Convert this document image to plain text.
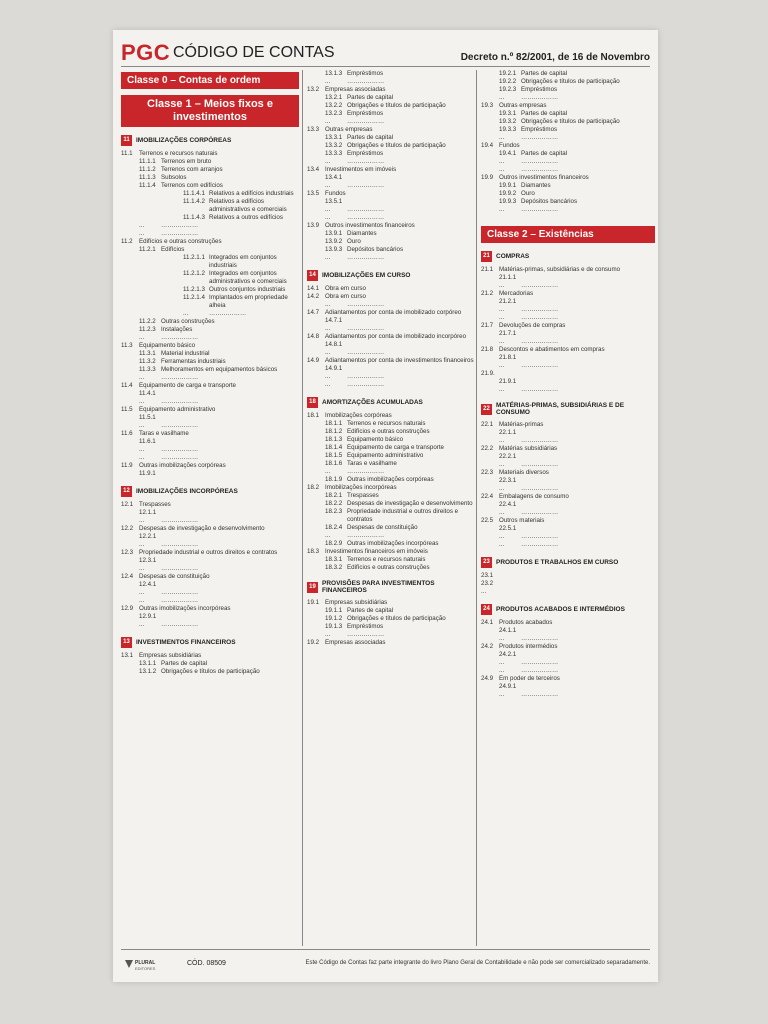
PGC CÓDIGO DE CONTAS	Decreto n.º 82/2001, de 16 de Novembro
Classe 0 – Contas de ordem
Classe 1 – Meios fixos e investimentos
11 IMOBILIZAÇÕES CORPÓREAS
11.1	Terrenos e recursos naturais
11.1.1 Terrenos em bruto
11.1.2 Terrenos com arranjos
11.1.3 Subsolos
11.1.4 Terrenos com edifícios
11.1.4.1 Relativos a edifícios industriais
11.1.4.2 Relativos a edifícios administrativos e comerciais
11.1.4.3 Relativos a outros edifícios
...	………………
...	………………
11.2	Edifícios e outras construções
11.2.1 Edifícios
11.2.1.1 Integrados em conjuntos industriais
11.2.1.2 Integrados em conjuntos administrativos e comerciais
11.2.1.3 Outros conjuntos industriais
11.2.1.4 Implantados em propriedade alheia
...	………………
11.2.2 Outras construções
11.2.3 Instalações
...	………………
11.3	Equipamento básico
11.3.1 Material industrial
11.3.2 Ferramentas industriais
11.3.3 Melhoramentos em equipamentos básicos
...	………………
11.4	Equipamento de carga e transporte
11.4.1
...	………………
11.5	Equipamento administrativo
11.5.1
...	………………
11.6	Taras e vasilhame
11.6.1
...	………………
...	………………
11.9	Outras imobilizações corpóreas
11.9.1
12 IMOBILIZAÇÕES INCORPÓREAS
12.1 Trespasses
12.1.1
...	………………
12.2 Despesas de investigação e desenvolvimento
12.2.1
...	………………
12.3 Propriedade industrial e outros direitos e contratos
12.3.1
...	………………
12.4 Despesas de constituição
12.4.1
...	………………
...	………………
12.9 Outras imobilizações incorpóreas
12.9.1
...	………………
13 INVESTIMENTOS FINANCEIROS
13.1 Empresas subsidiárias
13.1.1 Partes de capital
13.1.2 Obrigações e títulos de participação
13.1.3 Empréstimos
...	………………
13.2 Empresas associadas
13.2.1 Partes de capital
13.2.2 Obrigações e títulos de participação
13.2.3 Empréstimos
...	………………
13.3 Outras empresas
13.3.1 Partes de capital
13.3.2 Obrigações e títulos de participação
13.3.3 Empréstimos
...	………………
13.4 Investimentos em imóveis
13.4.1
...	………………
13.5 Fundos
13.5.1
...	………………
...	………………
13.9 Outros investimentos financeiros
13.9.1 Diamantes
13.9.2 Ouro
13.9.3 Depósitos bancários
...	………………
14 IMOBILIZAÇÕES EM CURSO
14.1 Obra em curso
14.2 Obra em curso
...	………………
14.7 Adiantamentos por conta de imobilizado corpóreo
14.7.1
...	………………
14.8 Adiantamentos por conta de imobilizado incorpóreo
14.8.1
...	………………
14.9 Adiantamentos por conta de investimentos financeiros
14.9.1
...	………………
...	………………
18 AMORTIZAÇÕES ACUMULADAS
18.1 Imobilizações corpóreas
18.1.1 Terrenos e recursos naturais
18.1.2 Edifícios e outras construções
18.1.3 Equipamento básico
18.1.4 Equipamento de carga e transporte
18.1.5 Equipamento administrativo
18.1.6 Taras e vasilhame
...	………………
18.1.9 Outras imobilizações corpóreas
18.2 Imobilizações incorpóreas
18.2.1 Trespasses
18.2.2 Despesas de investigação e desenvolvimento
18.2.3 Propriedade industrial e outros direitos e contratos
18.2.4 Despesas de constituição
...	………………
18.2.9 Outras imobilizações incorpóreas
18.3 Investimentos financeiros em imóveis
18.3.1 Terrenos e recursos naturais
18.3.2 Edifícios e outras construções
19 PROVISÕES PARA INVESTIMENTOS FINANCEIROS
19.1 Empresas subsidiárias
19.1.1 Partes de capital
19.1.2 Obrigações e títulos de participação
19.1.3 Empréstimos
...	………………
19.2 Empresas associadas
19.2.1 Partes de capital
19.2.2 Obrigações e títulos de participação
19.2.3 Empréstimos
...	………………
19.3 Outras empresas
19.3.1 Partes de capital
19.3.2 Obrigações e títulos de participação
19.3.3 Empréstimos
...	………………
19.4 Fundos
19.4.1 Partes de capital
...	………………
...	………………
19.9 Outros investimentos financeiros
19.9.1 Diamantes
19.9.2 Ouro
19.9.3 Depósitos bancários
...	………………
Classe 2 – Existências
21 COMPRAS
21.1 Matérias-primas, subsidiárias e de consumo
21.1.1
...	………………
21.2 Mercadorias
21.2.1
...	………………
...	………………
21.7 Devoluções de compras
21.7.1
...	………………
21.8 Descontos e abatimentos em compras
21.8.1
...	………………
21.9.
21.9.1
...	………………
22 MATÉRIAS-PRIMAS, SUBSIDIÁRIAS E DE CONSUMO
22.1 Matérias-primas
22.1.1
...	………………
22.2 Matérias subsidiárias
22.2.1
...	………………
22.3 Materiais diversos
22.3.1
...	………………
22.4 Embalagens de consumo
22.4.1
...	………………
22.5 Outros materiais
22.5.1
...	………………
...	………………
23 PRODUTOS E TRABALHOS EM CURSO
23.1
23.2
...
24 PRODUTOS ACABADOS E INTERMÉDIOS
24.1 Produtos acabados
24.1.1
...	………………
24.2 Produtos intermédios
24.2.1
...	………………
...	………………
24.9 Em poder de terceiros
24.9.1
...	………………
PLURAL
EDITORES
CÓD. 08509	Este Código de Contas faz parte integrante do livro Plano Geral de Contabilidade e não pode ser comercializado separadamente.
